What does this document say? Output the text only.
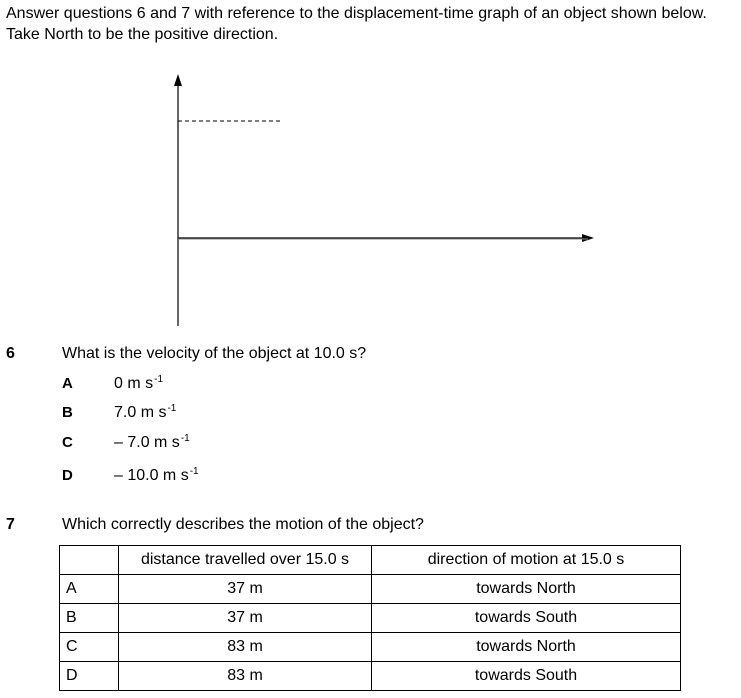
Answer questions 6 and 7 with reference to the displacement-time graph of an object shown below. Take North to be the positive direction.
6	What is the velocity of the object at 10.0 s?
A	0 m $s^{-1}$
B	7.0 m $s^{-1}$
C	– 7.0 m $s^{-1}$
D	– 10.0 m $s^{-1}$
7	Which correctly describes the motion of the object?
	distance travelled over 15.0 s	direction of motion at 15.0 s
A	37 m	towards North
B	37 m	towards South
C	83 m	towards North
D	83 m	towards South
